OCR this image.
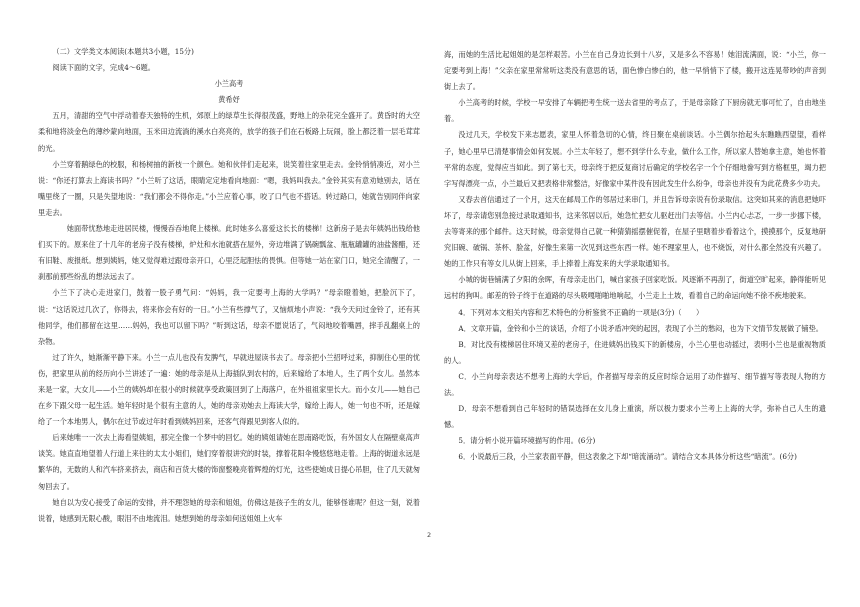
（二）文学类文本阅读(本题共3小题，15分)

阅读下面的文字，完成4～6题。

小兰高考

黄希妤

五月，清甜的空气中浮动着春天独特的生机，郊原上的绿草生长得很茂盛，野地上的杂花完全盛开了。黄昏时的大空柔和地将淡金色的薄纱蒙向地面，玉米田边流淌的溪水白亮亮的，放学的孩子们在石板路上玩闹，脸上都泛着一层毛茸茸的光。

小兰穿着鹅绿色的校服，和杨树抽的新枝一个颜色。她和伙伴们走起来，说笑着往家里走去。金铃悄悄凑近，对小兰说：“你还打算去上海读书吗？”小兰听了这话，眼睛定定地看向地面：“嗯，我妈叫我去。”金铃其实有意劝她别去，话在嘴里绕了一圈，只是失望地说：“我们都会不得你走。”小兰应着心事，咬了口气也不搭话。转过路口，她就告别同伴向家里走去。

她面带忧愁地走进居民楼，慢慢吞吞地爬上楼梯。此时她多么喜爱这长长的楼梯！这新房子是去年姨妈出钱给他们买下的。原来住了十几年的老房子没有楼梯，炉灶和水池就搭在屋外，旁边堆满了锅碗瓢盆、瓶瓶罐罐的油盐酱醋，还有旧鞋、废报纸。想到姨妈，她又觉得难过跟母亲开口，心里泛起胆怯的畏惧。但等她一站在家门口，她完全清醒了，一刹那前那些纷乱的想法远去了。

小兰下了决心走进家门，鼓着一股子勇气问：“妈妈，我一定要考上海的大学吗？”母亲瞪着她，把脸沉下了，说：“这话说过几次了，你得去，将来你会有好的一日。”小兰有些撑气了，又恼烦地小声说：“我今天问过金铃了，还有其他同学，他们都留在这里……妈妈，我也可以留下吗？”听到这话，母亲不愿说话了，气闷地咬着嘴唇，摔手乱翻桌上的杂物。

过了许久，她渐渐平静下来。小兰一点儿也没有发脾气，早就进屋读书去了。母亲把小兰招呼过来，抑制住心里的忧伤，把家里从前的经历向小兰讲述了一遍：她的母亲是从上海插队到农村的，后来嫁给了本地人，生了两个女儿。虽然本来是一家，大女儿——小兰的姨妈却在很小的时候就享受政策回到了上海落户，在外祖祖家里长大。而小女儿——她自己在乡下跟父母一起生活。她年轻时是个很有主意的人，她的母亲劝她去上海读大学，嫁给上海人，她一句也不听，还是嫁给了一个本地男人，偶尔在过节或过年时看到姨妈回来，还客气得跟见到客人似的。

后来她唯一一次去上海看望姨姐，那完全像一个梦中的回忆。她的姨姐请她在思南路吃饭，有外国女人在隔壁桌高声谈笑。她直直地望着人行道上来往的太太小姐们，她们穿着很讲究的时装，撑着花阳伞慢悠悠地走着。上海的街道永远是繁华的，无数的人和汽车挤来挤去，商店和百货大楼的饰窗整晚亮着辉煌的灯光，这些使她成日提心吊胆，住了几天就匆匆回去了。

她自以为安心接受了命运的安排，并不理怨她的母亲和姐姐，仿佛这是孩子生的女儿，能够怪谁呢？但这一刻，说着说着，她感到无限心酸，眼泪不由地流泪。她想到她的母亲如何送姐姐上火车

海，而她的生活比起姐姐的是怎样艰苦。小兰在自己身边长到十八岁，又是多么不容易！她泪流满面，说：“小兰，你一定要考到上海！”父亲在家里常常听这类没有意思的话，面色惨白惨白的，他一早悄悄下了楼，搬开这连晃带吵的声音到街上去了。

小兰高考的时候，学校一早安排了车辆把考生统一送去省里的考点了，于是母亲除了下厨房就无事可忙了，自由地坐着。

没过几天，学校发下来志愿表，家里人怀着急切的心情，终日聚在桌前谈话。小兰偶尔抬起头东瞧瞧西望望，看样子，她心里早已清楚事情会如何发展。小兰太年轻了，想不到学什么专业，做什么工作，所以家人替她拿主意，她也怀着平常的态度，觉得应当如此。到了第七天，母亲终于把反复商讨后确定的学校名字一个个仔细地誊写到方格框里，竭力把字写得漂亮一点，小兰最后又把表格非常整洁，好像家中某件没有因此发生什么纷争，母亲也并没有为此花费多少功夫。

又春去首信通过了一个月，这天在邮局工作的邻居过来串门，并且告诉母亲说有份录取信。这突如其来的消息把她吓坏了，母亲请您别急接过录取通知书，这来邻居以后，她急忙把女儿驱赶出门去等信。小兰内心忐忑，一步一步挪下楼，去等寄来的那个邮件。这天时候，母亲觉得自己就一种猜猜摇摆催促着，在屋子里瞎着步看着这个，摸摸那个，反复地研究旧碗、破锅、茶杯、脸盆，好像生来第一次见到这些东西一样。她不理家里人，也不烧饭，对什么都全然没有兴趣了。她的工作只有等女儿从街上回来，手上捧着上海发来的大学录取通知书。

小城的街巷铺满了夕阳的余晖，有母亲走出门，喊自家孩子回家吃饭。风逐渐不再刮了，街道空旷起来，静得能听见远村的狗叫。邮差的铃子终于在道路的尽头吸嘎啪啪地响起，小兰走上土坡，看着自己的命运向她不徐不疾地驶来。

4．下列对本文相关内容和艺术特色的分析鉴赏不正确的一项是(3分)（　　）

A．文章开篇，金铃和小兰的谈话，介绍了小说矛盾冲突的起因，表现了小兰的愁闷，也为下文情节发展做了铺垫。

B．对比没有楼梯居住环境又差的老房子，住进姨妈出钱买下的新楼房，小兰心里也动摇过，表明小兰也是重视物质的人。

C．小兰向母亲表达不想考上海的大学后，作者描写母亲的反应时综合运用了动作描写、细节描写等表现人物的方法。

D．母亲不想看到自己年轻时的错误选择在女儿身上重演，所以极力要求小兰考上上海的大学，弥补自己人生的遗憾。

5．请分析小说开篇环境描写的作用。(6分)

6．小说最后三段，小兰家表面平静，但这表象之下却“暗流涌动”。请结合文本具体分析这些“暗流”。(6分)

2
